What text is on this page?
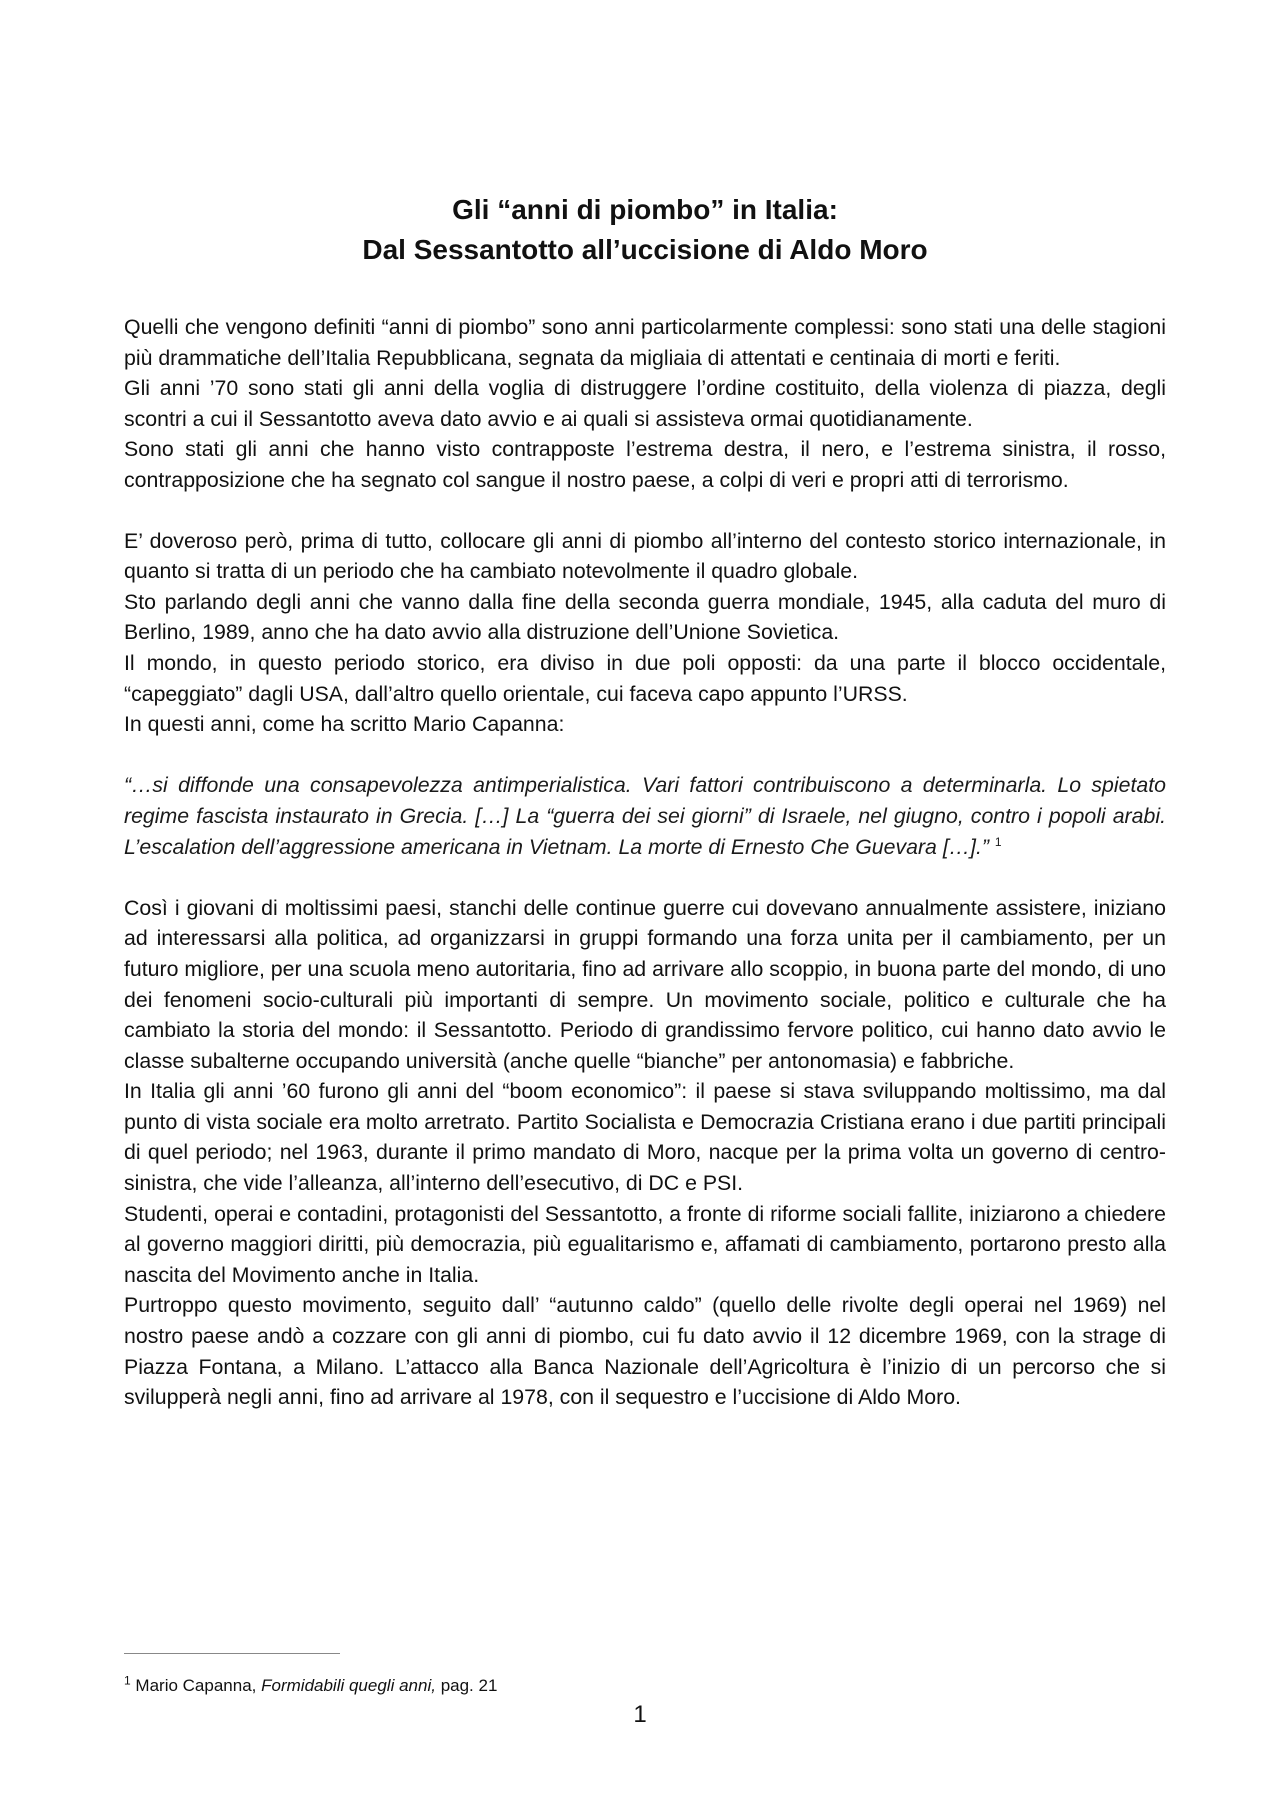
Gli “anni di piombo” in Italia:
Dal Sessantotto all’uccisione di Aldo Moro

Quelli che vengono definiti “anni di piombo” sono anni particolarmente complessi: sono stati una delle stagioni più drammatiche dell’Italia Repubblicana, segnata da migliaia di attentati e centinaia di morti e feriti.

Gli anni ’70 sono stati gli anni della voglia di distruggere l’ordine costituito, della violenza di piazza, degli scontri a cui il Sessantotto aveva dato avvio e ai quali si assisteva ormai quotidianamente.

Sono stati gli anni che hanno visto contrapposte l’estrema destra, il nero, e l’estrema sinistra, il rosso, contrapposizione che ha segnato col sangue il nostro paese, a colpi di veri e propri atti di terrorismo.

E’ doveroso però, prima di tutto, collocare gli anni di piombo all’interno del contesto storico internazionale, in quanto si tratta di un periodo che ha cambiato notevolmente il quadro globale.

Sto parlando degli anni che vanno dalla fine della seconda guerra mondiale, 1945, alla caduta del muro di Berlino, 1989, anno che ha dato avvio alla distruzione dell’Unione Sovietica.

Il mondo, in questo periodo storico, era diviso in due poli opposti: da una parte il blocco occidentale, “capeggiato” dagli USA, dall’altro quello orientale, cui faceva capo appunto l’URSS.

In questi anni, come ha scritto Mario Capanna:

“…si diffonde una consapevolezza antimperialistica. Vari fattori contribuiscono a determinarla. Lo spietato regime fascista instaurato in Grecia. […] La “guerra dei sei giorni” di Israele, nel giugno, contro i popoli arabi. L’escalation dell’aggressione americana in Vietnam. La morte di Ernesto Che Guevara […].” $^1$

Così i giovani di moltissimi paesi, stanchi delle continue guerre cui dovevano annualmente assistere, iniziano ad interessarsi alla politica, ad organizzarsi in gruppi formando una forza unita per il cambiamento, per un futuro migliore, per una scuola meno autoritaria, fino ad arrivare allo scoppio, in buona parte del mondo, di uno dei fenomeni socio-culturali più importanti di sempre. Un movimento sociale, politico e culturale che ha cambiato la storia del mondo: il Sessantotto. Periodo di grandissimo fervore politico, cui hanno dato avvio le classe subalterne occupando università (anche quelle “bianche” per antonomasia) e fabbriche.

In Italia gli anni ’60 furono gli anni del “boom economico”: il paese si stava sviluppando moltissimo, ma dal punto di vista sociale era molto arretrato. Partito Socialista e Democrazia Cristiana erano i due partiti principali di quel periodo; nel 1963, durante il primo mandato di Moro, nacque per la prima volta un governo di centro-sinistra, che vide l’alleanza, all’interno dell’esecutivo, di DC e PSI.

Studenti, operai e contadini, protagonisti del Sessantotto, a fronte di riforme sociali fallite, iniziarono a chiedere al governo maggiori diritti, più democrazia, più egualitarismo e, affamati di cambiamento, portarono presto alla nascita del Movimento anche in Italia.

Purtroppo questo movimento, seguito dall’ “autunno caldo” (quello delle rivolte degli operai nel 1969) nel nostro paese andò a cozzare con gli anni di piombo, cui fu dato avvio il 12 dicembre 1969, con la strage di Piazza Fontana, a Milano. L’attacco alla Banca Nazionale dell’Agricoltura è l’inizio di un percorso che si svilupperà negli anni, fino ad arrivare al 1978, con il sequestro e l’uccisione di Aldo Moro.

$^1$ Mario Capanna, Formidabili quegli anni, pag. 21
1
